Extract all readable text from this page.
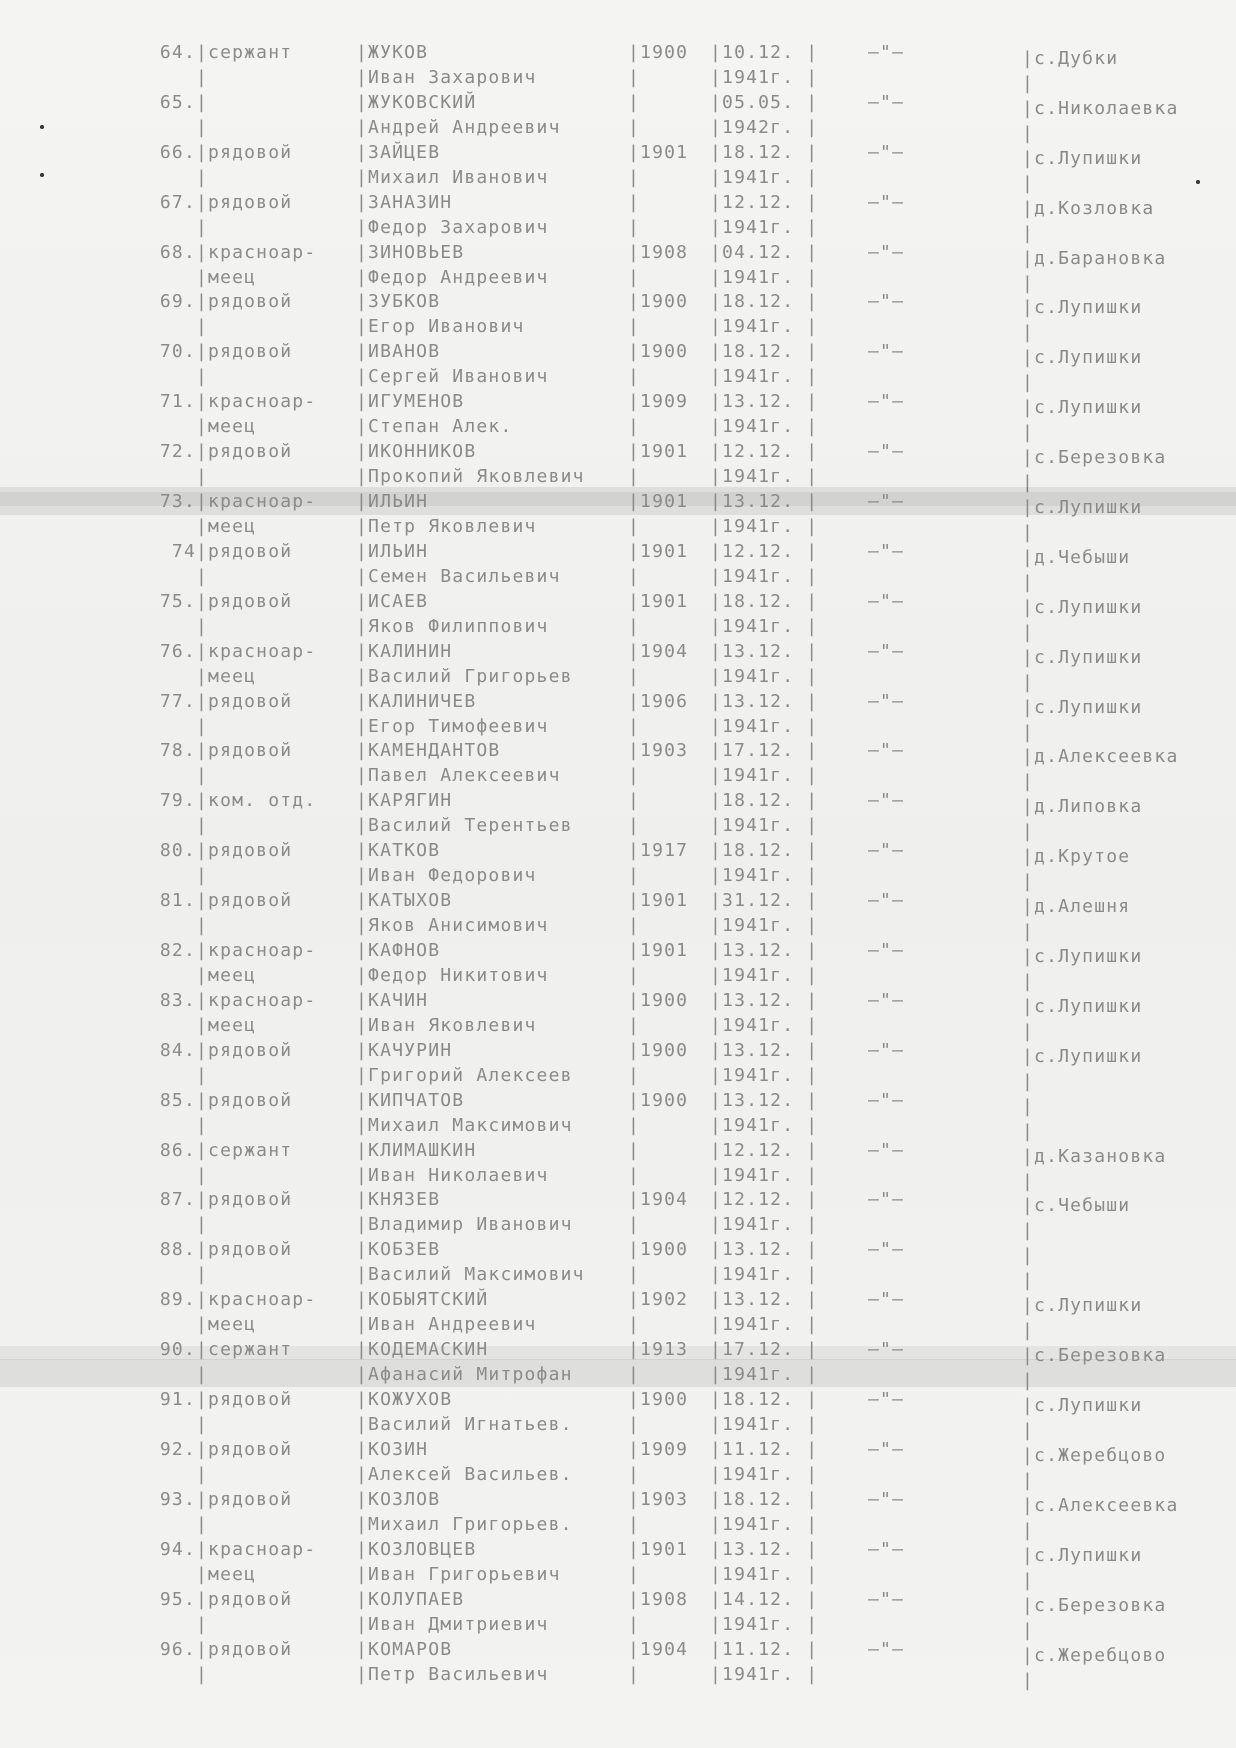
64. |сержант	|ЖУКОВ	|1900 |10.12. |	–"–	|с.Дубки
|	|Иван Захарович	|	|1941г. |	|
65. |	|ЖУКОВСКИЙ	|	|05.05. |	–"–	|с.Николаевка
|	|Андрей Андреевич	|	|1942г. |	|
66. |рядовой	|ЗАЙЦЕВ	|1901 |18.12. |	–"–	|с.Лупишки
|	|Михаил Иванович	|	|1941г. |	|
67. |рядовой	|ЗАНАЗИН	|	|12.12. |	–"–	|д.Козловка
|	|Федор Захарович	|	|1941г. |	|
68. |красноар- |ЗИНОВЬЕВ	|1908 |04.12. |	–"–	|д.Барановка
|меец	|Федор Андреевич	|	|1941г. |	|
69. |рядовой	|ЗУБКОВ	|1900 |18.12. |	–"–	|с.Лупишки
|	|Егор Иванович	|	|1941г. |	|
70. |рядовой	|ИВАНОВ	|1900 |18.12. |	–"–	|с.Лупишки
|	|Сергей Иванович	|	|1941г. |	|
71. |красноар- |ИГУМЕНОВ	|1909 |13.12. |	–"–	|с.Лупишки
|меец	|Степан Алек.	|	|1941г. |	|
72. |рядовой	|ИКОННИКОВ	|1901 |12.12. |	–"–	|с.Березовка
|	|Прокопий Яковлевич |	|1941г. |	|
73. |красноар- |ИЛЬИН	|1901 |13.12. |	–"–	|с.Лупишки
|меец	|Петр Яковлевич	|	|1941г. |	|
74 |рядовой	|ИЛЬИН	|1901 |12.12. |	–"–	|д.Чебыши
|	|Семен Васильевич	|	|1941г. |	|
75. |рядовой	|ИСАЕВ	|1901 |18.12. |	–"–	|с.Лупишки
|	|Яков Филиппович	|	|1941г. |	|
76. |красноар- |КАЛИНИН	|1904 |13.12. |	–"–	|с.Лупишки
|меец	|Василий Григорьев	|	|1941г. |	|
77. |рядовой	|КАЛИНИЧЕВ	|1906 |13.12. |	–"–	|с.Лупишки
|	|Егор Тимофеевич	|	|1941г. |	|
78. |рядовой	|КАМЕНДАНТОВ	|1903 |17.12. |	–"–	|д.Алексеевка
|	|Павел Алексеевич	|	|1941г. |	|
79. |ком. отд. |КАРЯГИН	|	|18.12. |	–"–	|д.Липовка
|	|Василий Терентьев	|	|1941г. |	|
80. |рядовой	|КАТКОВ	|1917 |18.12. |	–"–	|д.Крутое
|	|Иван Федорович	|	|1941г. |	|
81. |рядовой	|КАТЫХОВ	|1901 |31.12. |	–"–	|д.Алешня
|	|Яков Анисимович	|	|1941г. |	|
82. |красноар- |КАФНОВ	|1901 |13.12. |	–"–	|с.Лупишки
|меец	|Федор Никитович	|	|1941г. |	|
83. |красноар- |КАЧИН	|1900 |13.12. |	–"–	|с.Лупишки
|меец	|Иван Яковлевич	|	|1941г. |	|
84. |рядовой	|КАЧУРИН	|1900 |13.12. |	–"–	|с.Лупишки
|	|Григорий Алексеев	|	|1941г. |	|
85. |рядовой	|КИПЧАТОВ	|1900 |13.12. |	–"–	|
|	|Михаил Максимович	|	|1941г. |	|
86. |сержант	|КЛИМАШКИН	|	|12.12. |	–"–	|д.Казановка
|	|Иван Николаевич	|	|1941г. |	|
87. |рядовой	|КНЯЗЕВ	|1904 |12.12. |	–"–	|с.Чебыши
|	|Владимир Иванович	|	|1941г. |	|
88. |рядовой	|КОБЗЕВ	|1900 |13.12. |	–"–	|
|	|Василий Максимович |	|1941г. |	|
89. |красноар- |КОБЫЯТСКИЙ	|1902 |13.12. |	–"–	|с.Лупишки
|меец	|Иван Андреевич	|	|1941г. |	|
90. |сержант	|КОДЕМАСКИН	|1913 |17.12. |	–"–	|с.Березовка
|	|Афанасий Митрофан	|	|1941г. |	|
91. |рядовой	|КОЖУХОВ	|1900 |18.12. |	–"–	|с.Лупишки
|	|Василий Игнатьев.	|	|1941г. |	|
92. |рядовой	|КОЗИН	|1909 |11.12. |	–"–	|с.Жеребцово
|	|Алексей Васильев.	|	|1941г. |	|
93. |рядовой	|КОЗЛОВ	|1903 |18.12. |	–"–	|с.Алексеевка
|	|Михаил Григорьев.	|	|1941г. |	|
94. |красноар- |КОЗЛОВЦЕВ	|1901 |13.12. |	–"–	|с.Лупишки
|меец	|Иван Григорьевич	|	|1941г. |	|
95. |рядовой	|КОЛУПАЕВ	|1908 |14.12. |	–"–	|с.Березовка
|	|Иван Дмитриевич	|	|1941г. |	|
96. |рядовой	|КОМАРОВ	|1904 |11.12. |	–"–	|с.Жеребцово
|	|Петр Васильевич	|	|1941г. |	|
